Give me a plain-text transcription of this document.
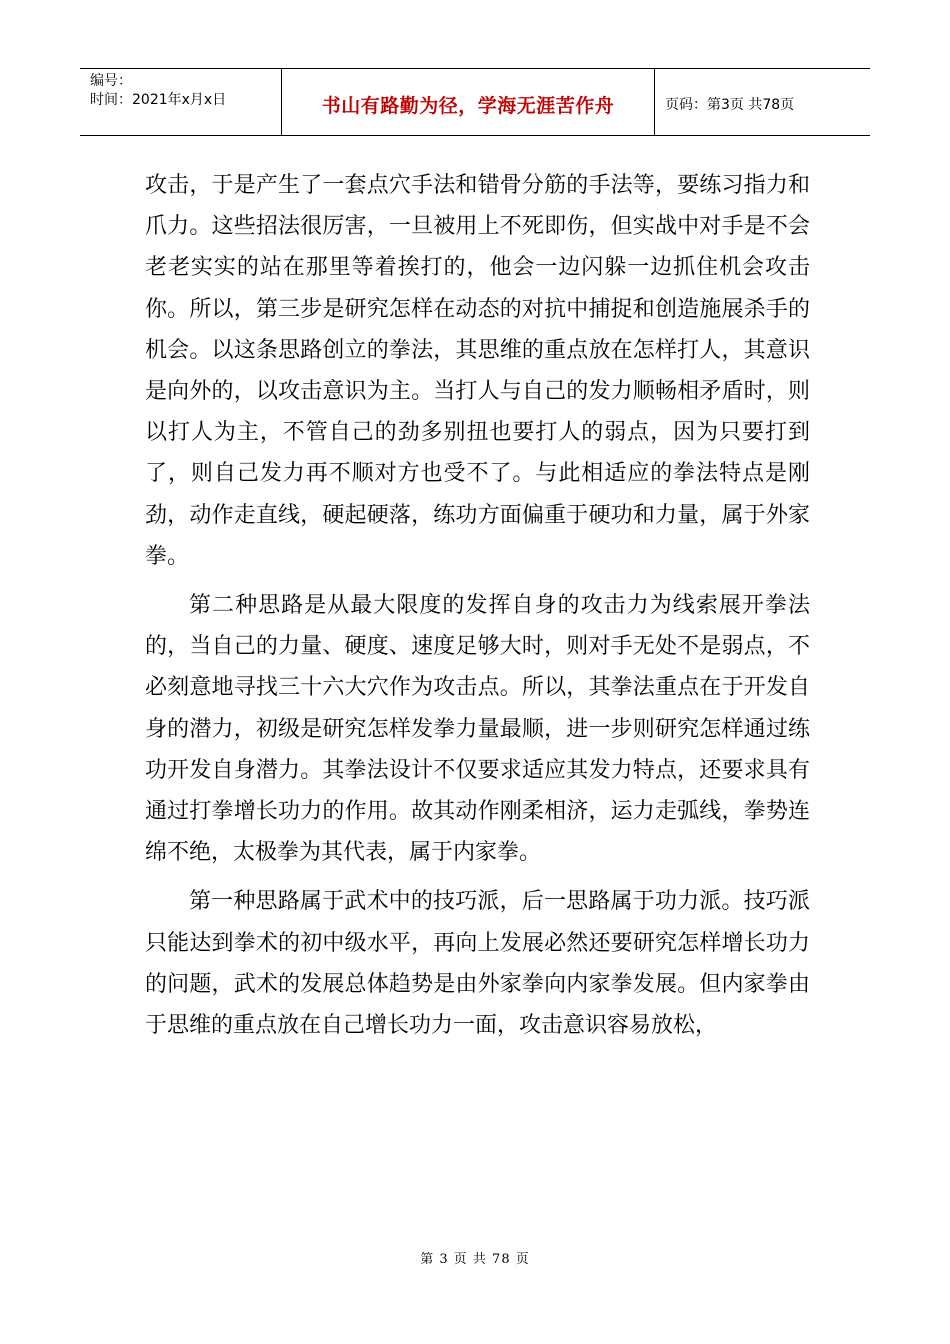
编号：
时间：2021年x月x日	书山有路勤为径，学海无涯苦作舟	页码：第3页 共78页

攻击，于是产生了一套点穴手法和错骨分筋的手法等，要练习指力和爪力。这些招法很厉害，一旦被用上不死即伤，但实战中对手是不会老老实实的站在那里等着挨打的，他会一边闪躲一边抓住机会攻击你。所以，第三步是研究怎样在动态的对抗中捕捉和创造施展杀手的机会。以这条思路创立的拳法，其思维的重点放在怎样打人，其意识是向外的，以攻击意识为主。当打人与自己的发力顺畅相矛盾时，则以打人为主，不管自己的劲多别扭也要打人的弱点，因为只要打到了，则自己发力再不顺对方也受不了。与此相适应的拳法特点是刚劲，动作走直线，硬起硬落，练功方面偏重于硬功和力量，属于外家拳。

第二种思路是从最大限度的发挥自身的攻击力为线索展开拳法的，当自己的力量、硬度、速度足够大时，则对手无处不是弱点，不必刻意地寻找三十六大穴作为攻击点。所以，其拳法重点在于开发自身的潜力，初级是研究怎样发拳力量最顺，进一步则研究怎样通过练功开发自身潜力。其拳法设计不仅要求适应其发力特点，还要求具有通过打拳增长功力的作用。故其动作刚柔相济，运力走弧线，拳势连绵不绝，太极拳为其代表，属于内家拳。

第一种思路属于武术中的技巧派，后一思路属于功力派。技巧派只能达到拳术的初中级水平，再向上发展必然还要研究怎样增长功力的问题，武术的发展总体趋势是由外家拳向内家拳发展。但内家拳由于思维的重点放在自己增长功力一面，攻击意识容易放松，

第 3 页 共 78 页
